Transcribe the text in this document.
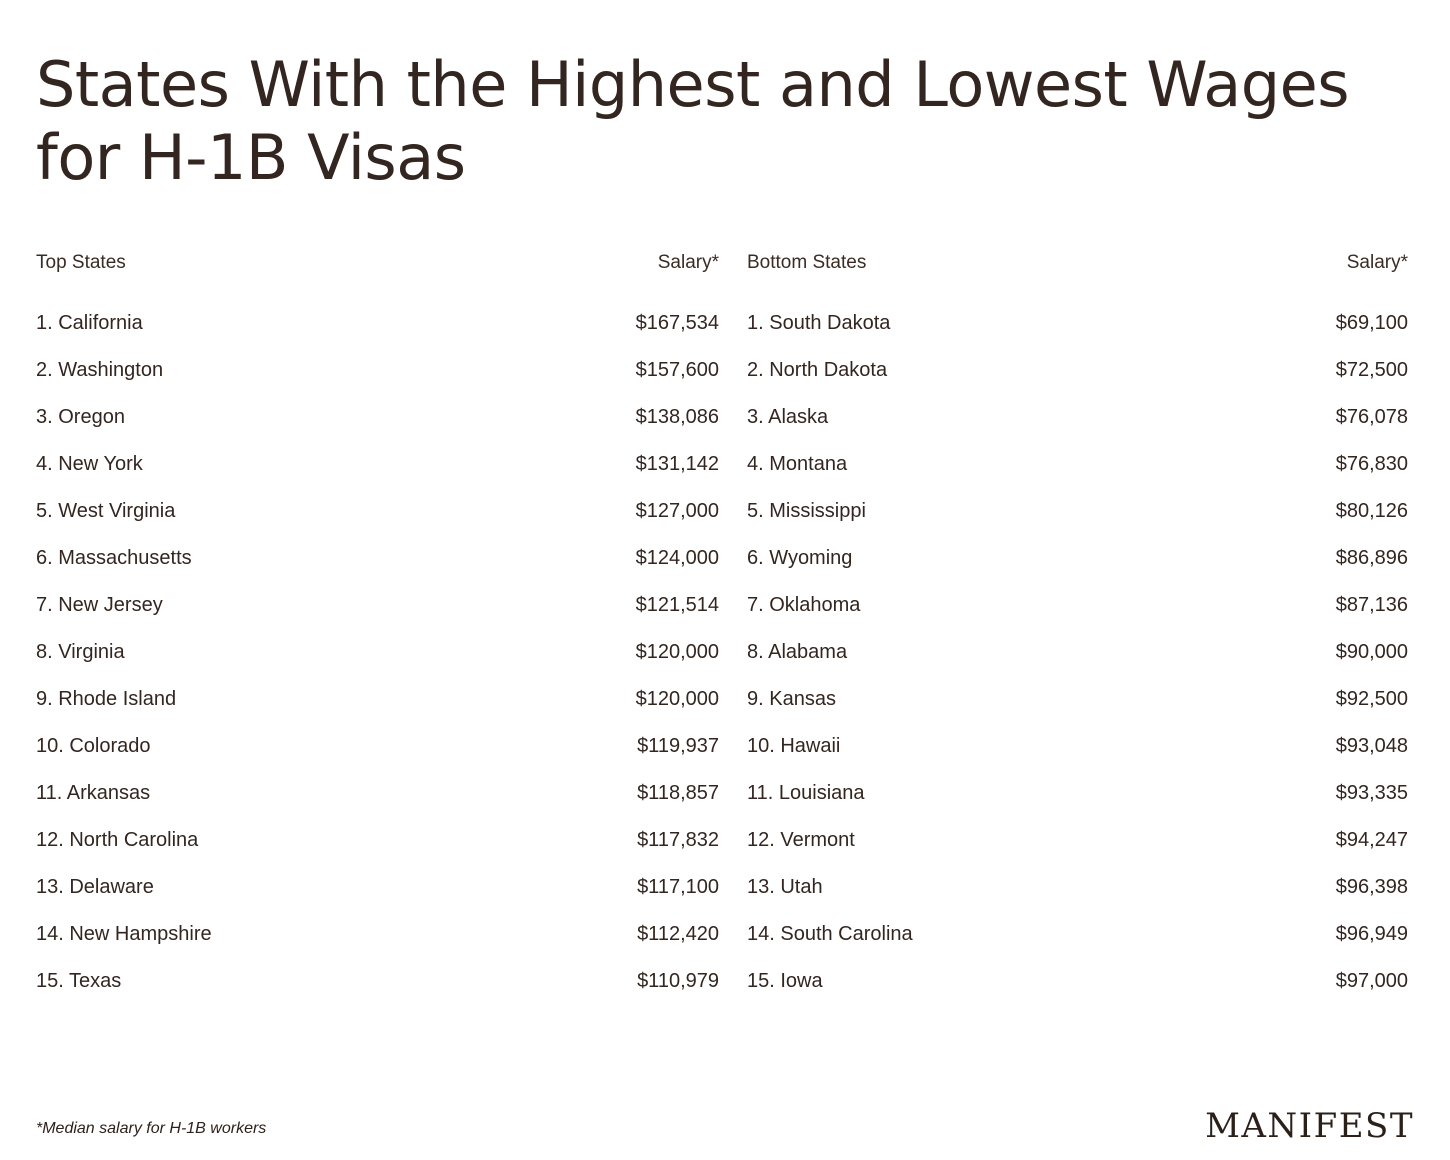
States With the Highest and Lowest Wages for H-1B Visas
Top States	Salary*
1. California	$167,534
2. Washington	$157,600
3. Oregon	$138,086
4. New York	$131,142
5. West Virginia	$127,000
6. Massachusetts	$124,000
7. New Jersey	$121,514
8. Virginia	$120,000
9. Rhode Island	$120,000
10. Colorado	$119,937
11. Arkansas	$118,857
12. North Carolina	$117,832
13. Delaware	$117,100
14. New Hampshire	$112,420
15. Texas	$110,979
Bottom States	Salary*
1. South Dakota	$69,100
2. North Dakota	$72,500
3. Alaska	$76,078
4. Montana	$76,830
5. Mississippi	$80,126
6. Wyoming	$86,896
7. Oklahoma	$87,136
8. Alabama	$90,000
9. Kansas	$92,500
10. Hawaii	$93,048
11. Louisiana	$93,335
12. Vermont	$94,247
13. Utah	$96,398
14. South Carolina	$96,949
15. Iowa	$97,000
*Median salary for H-1B workers	MANIFEST
